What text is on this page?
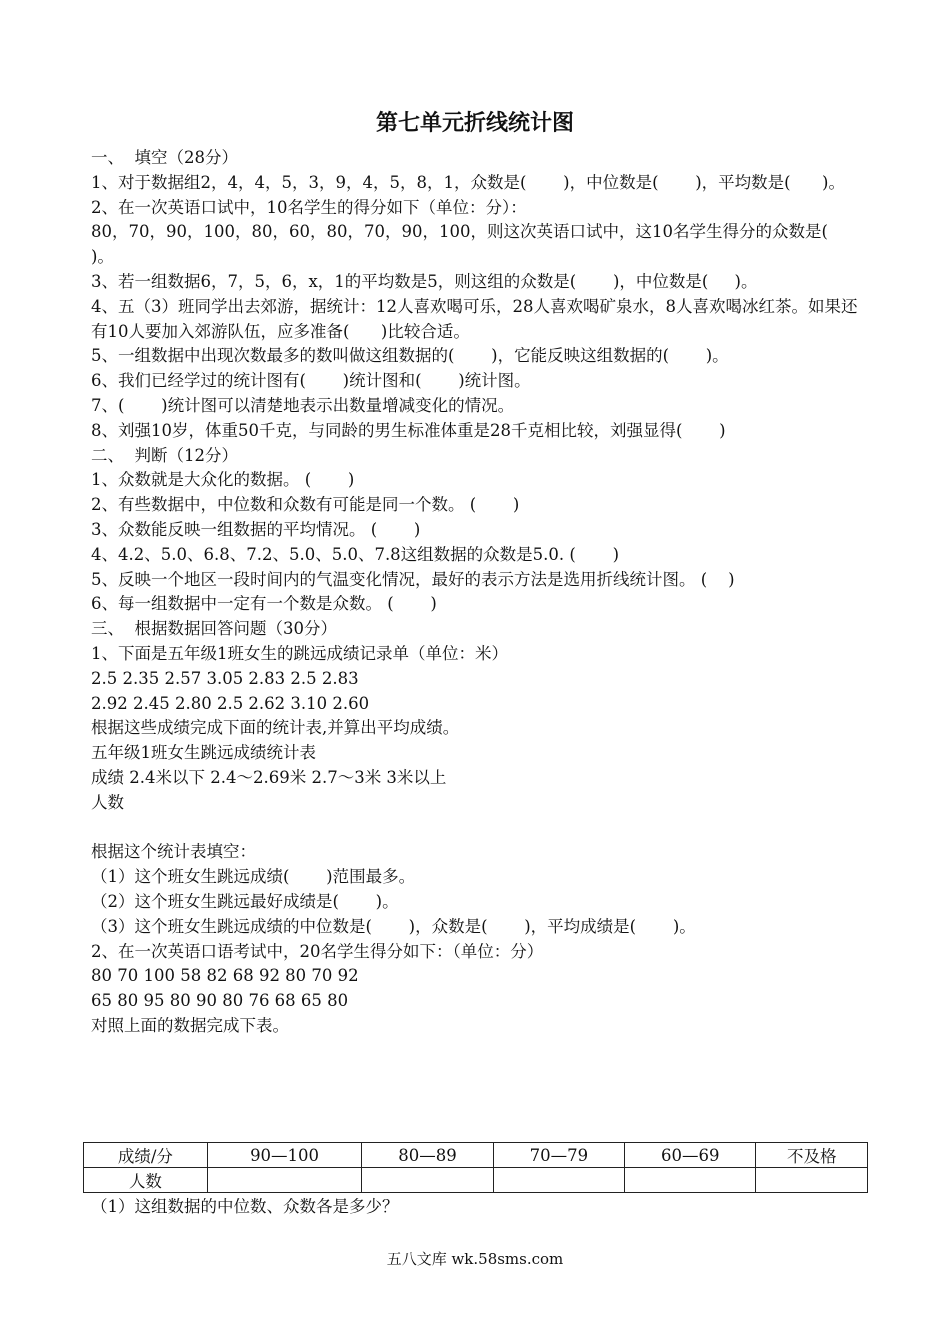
第七单元折线统计图
一、  填空（28分）
1、对于数据组2，4，4，5，3，9，4，5，8，1，众数是(       )，中位数是(       )，平均数是(      )。
2、在一次英语口试中，10名学生的得分如下（单位：分）：
80，70，90，100，80，60，80，70，90，100，则这次英语口试中，这10名学生得分的众数是(      )。
3、若一组数据6，7，5，6，x，1的平均数是5，则这组的众数是(       )，中位数是(     )。
4、五（3）班同学出去郊游，据统计：12人喜欢喝可乐，28人喜欢喝矿泉水，8人喜欢喝冰红茶。如果还有10人要加入郊游队伍，应多准备(      )比较合适。
5、一组数据中出现次数最多的数叫做这组数据的(       )，它能反映这组数据的(       )。
6、我们已经学过的统计图有(       )统计图和(       )统计图。
7、(       )统计图可以清楚地表示出数量增减变化的情况。
8、刘强10岁，体重50千克，与同龄的男生标准体重是28千克相比较，刘强显得(       )
二、  判断（12分）
1、众数就是大众化的数据。 (       )
2、有些数据中，中位数和众数有可能是同一个数。 (       )
3、众数能反映一组数据的平均情况。 (       )
4、4.2、5.0、6.8、7.2、5.0、5.0、7.8这组数据的众数是5.0. (       )
5、反映一个地区一段时间内的气温变化情况，最好的表示方法是选用折线统计图。 (    )
6、每一组数据中一定有一个数是众数。 (       )
三、  根据数据回答问题（30分）
1、下面是五年级1班女生的跳远成绩记录单（单位：米）
2.5 2.35 2.57 3.05 2.83 2.5 2.83
2.92 2.45 2.80 2.5 2.62 3.10 2.60
根据这些成绩完成下面的统计表,并算出平均成绩。
五年级1班女生跳远成绩统计表
成绩 2.4米以下 2.4～2.69米 2.7～3米 3米以上
人数
根据这个统计表填空：
（1）这个班女生跳远成绩(       )范围最多。
（2）这个班女生跳远最好成绩是(       )。
（3）这个班女生跳远成绩的中位数是(       )，众数是(       )，平均成绩是(       )。
2、在一次英语口语考试中，20名学生得分如下：（单位：分）
80 70 100 58 82 68 92 80 70 92
65 80 95 80 90 80 76 68 65 80
对照上面的数据完成下表。
成绩/分	90—100	80—89	70—79	60—69	不及格
人数					
（1）这组数据的中位数、众数各是多少？
五八文库 wk.58sms.com
